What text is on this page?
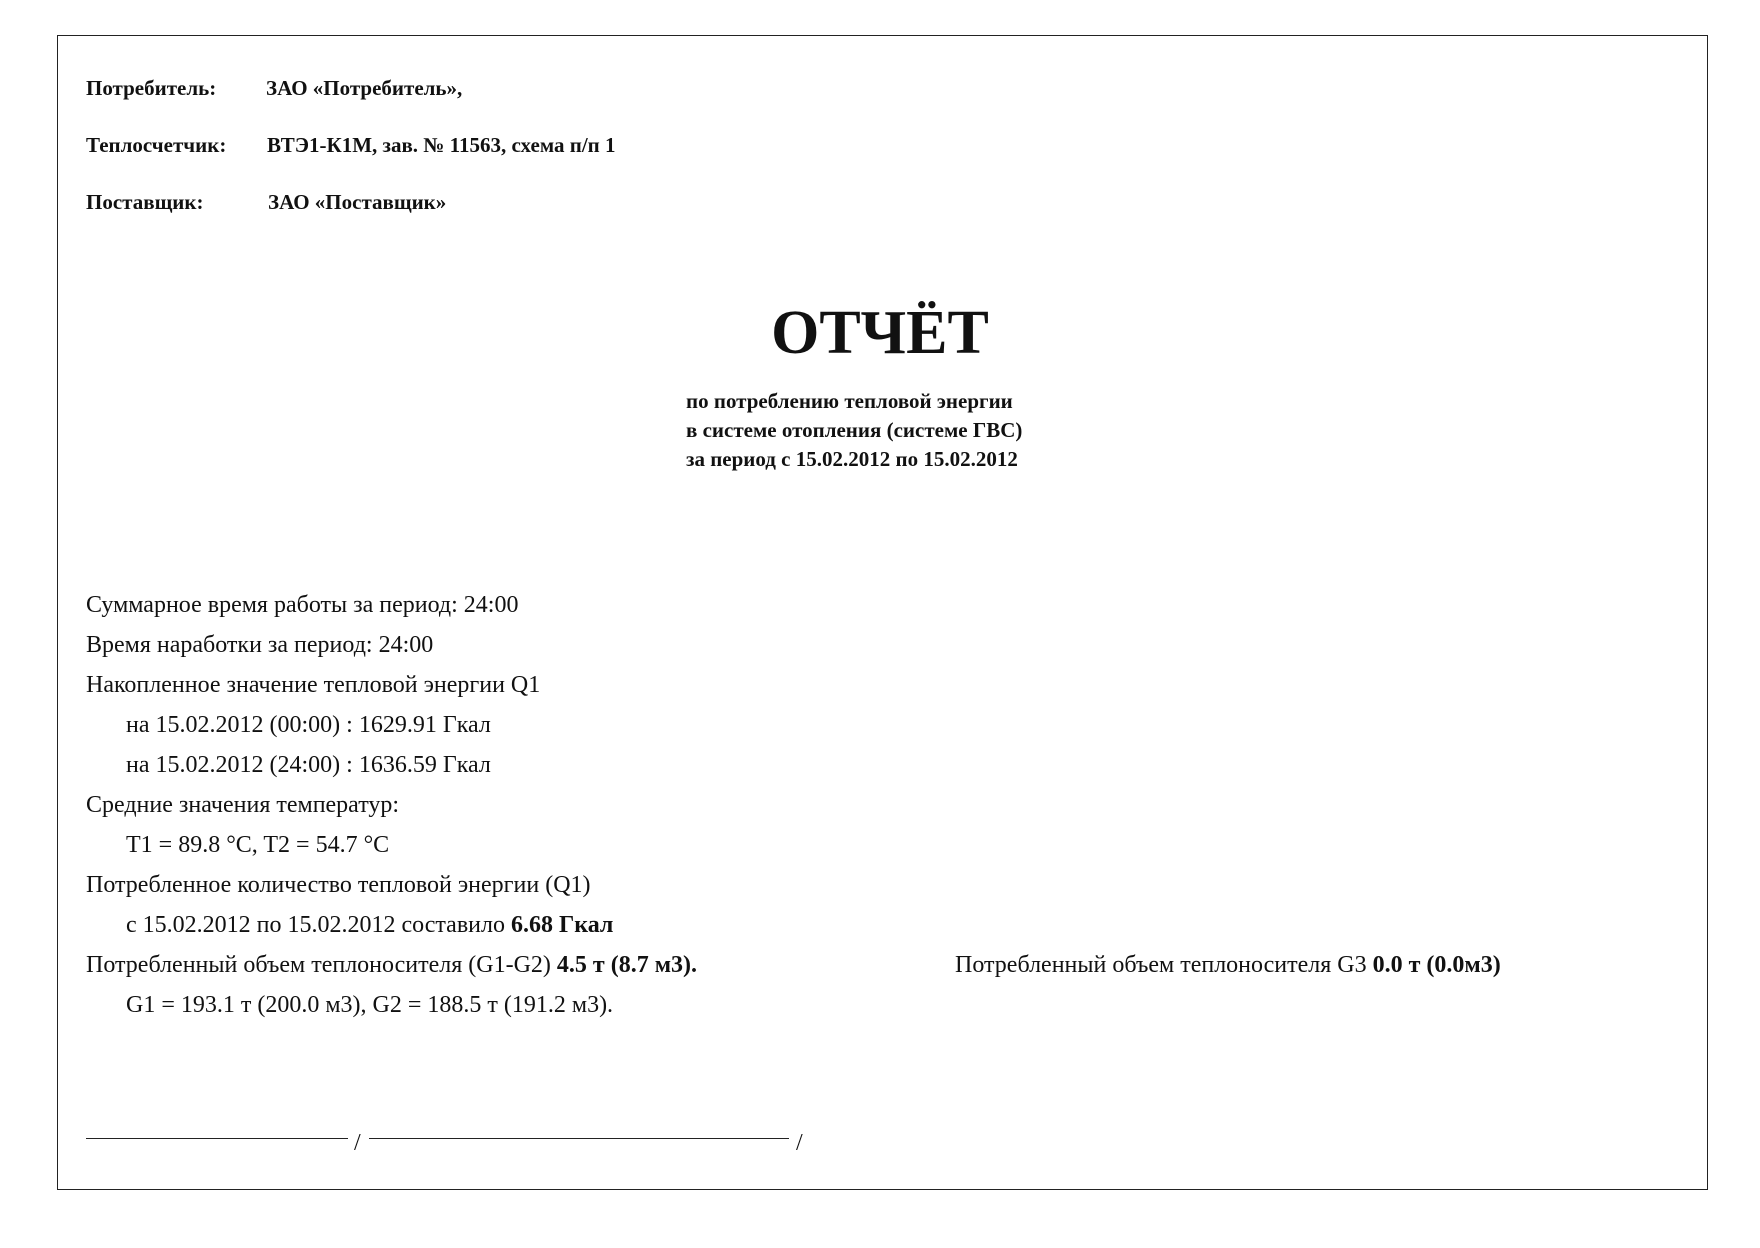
Потребитель: ЗАО «Потребитель»,
Теплосчетчик: ВТЭ1-К1М, зав. № 11563, схема п/п 1
Поставщик:	ЗАО «Поставщик»
ОТЧЁТ
по потреблению тепловой энергии
в системе отопления (системе ГВС)
за период с 15.02.2012 по 15.02.2012
Суммарное время работы за период: 24:00
Время наработки за период: 24:00
Накопленное значение тепловой энергии Q1
на 15.02.2012 (00:00) : 1629.91 Гкал
на 15.02.2012 (24:00) : 1636.59 Гкал
Средние значения температур:
T1 = 89.8 °C, T2 = 54.7 °C
Потребленное количество тепловой энергии (Q1)
с 15.02.2012 по 15.02.2012 составило 6.68 Гкал
Потребленный объем теплоносителя (G1-G2) 4.5 т (8.7 м3).	Потребленный объем теплоносителя G3 0.0 т (0.0м3)
G1 = 193.1 т (200.0 м3), G2 = 188.5 т (191.2 м3).
/	/
